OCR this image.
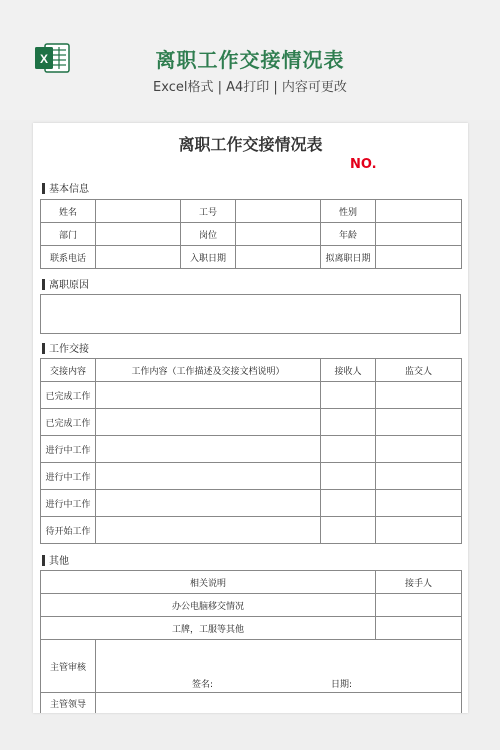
X	离职工作交接情况表
Excel格式 | A4打印 | 内容可更改
离职工作交接情况表
NO.
基本信息
姓名		工号		性别	
部门		岗位		年龄	
联系电话		入职日期		拟离职日期	
离职原因
工作交接
交接内容	工作内容（工作描述及交接文档说明）	接收人	监交人
已完成工作			
已完成工作			
进行中工作			
进行中工作			
进行中工作			
待开始工作			
其他
相关说明		接手人
办公电脑移交情况		
工牌，工服等其他		
主管审核	签名: 日期:	

主管领导		
